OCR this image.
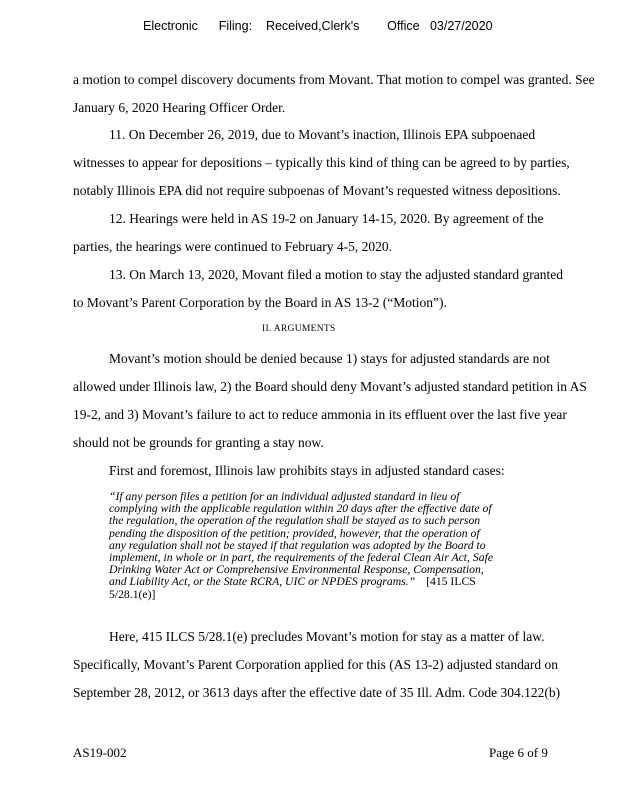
Electronic      Filing:    Received,Clerk's        Office   03/27/2020
a motion to compel discovery documents from Movant. That motion to compel was granted. See
January 6, 2020 Hearing Officer Order.
11. On December 26, 2019, due to Movant’s inaction, Illinois EPA subpoenaed
witnesses to appear for depositions – typically this kind of thing can be agreed to by parties,
notably Illinois EPA did not require subpoenas of Movant’s requested witness depositions.
12. Hearings were held in AS 19-2 on January 14-15, 2020. By agreement of the
parties, the hearings were continued to February 4-5, 2020.
13. On March 13, 2020, Movant filed a motion to stay the adjusted standard granted
to Movant’s Parent Corporation by the Board in AS 13-2 (“Motion”).
II. ARGUMENTS
Movant’s motion should be denied because 1) stays for adjusted standards are not
allowed under Illinois law, 2) the Board should deny Movant’s adjusted standard petition in AS
19-2, and 3) Movant’s failure to act to reduce ammonia in its effluent over the last five year
should not be grounds for granting a stay now.
First and foremost, Illinois law prohibits stays in adjusted standard cases:
“If any person files a petition for an individual adjusted standard in lieu of
complying with the applicable regulation within 20 days after the effective date of
the regulation, the operation of the regulation shall be stayed as to such person
pending the disposition of the petition; provided, however, that the operation of
any regulation shall not be stayed if that regulation was adopted by the Board to
implement, in whole or in part, the requirements of the federal Clean Air Act, Safe
Drinking Water Act or Comprehensive Environmental Response, Compensation,
and Liability Act, or the State RCRA, UIC or NPDES programs.” [415 ILCS
5/28.1(e)]
Here, 415 ILCS 5/28.1(e) precludes Movant’s motion for stay as a matter of law.
Specifically, Movant’s Parent Corporation applied for this (AS 13-2) adjusted standard on
September 28, 2012, or 3613 days after the effective date of 35 Ill. Adm. Code 304.122(b)
AS19-002	Page 6 of 9
